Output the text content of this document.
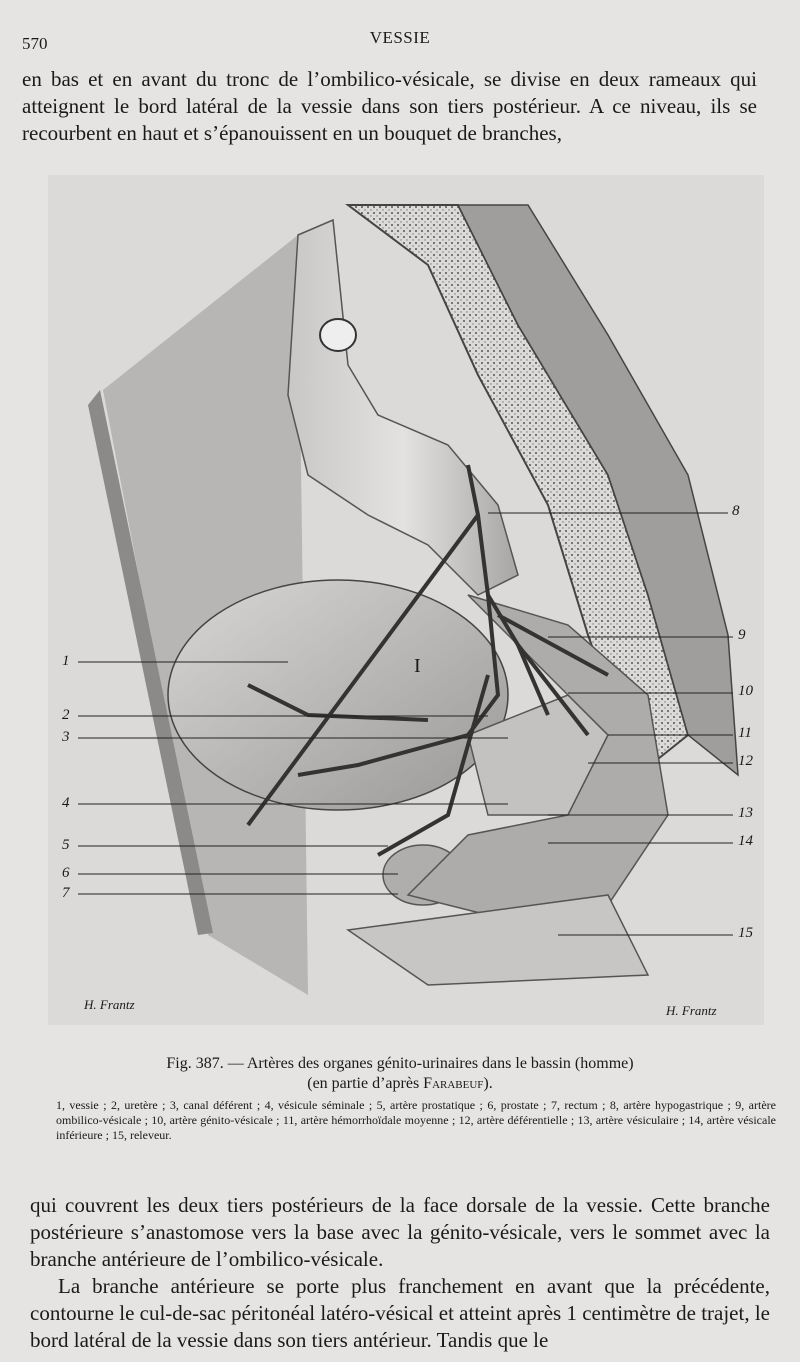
570	VESSIE
en bas et en avant du tronc de l’ombilico-vésicale, se divise en deux rameaux qui atteignent le bord latéral de la vessie dans son tiers postérieur. A ce niveau, ils se recourbent en haut et s’épanouissent en un bouquet de branches,
1
2
3
4
5
6
7
8
9
10
11
12
13
14
15
I
H. Frantz	H. Frantz
Fig. 387. — Artères des organes génito-urinaires dans le bassin (homme)
(en partie d’après Farabeuf).
1, vessie ; 2, uretère ; 3, canal déférent ; 4, vésicule séminale ; 5, artère prostatique ; 6, prostate ; 7, rectum ; 8, artère hypogastrique ; 9, artère ombilico-vésicale ; 10, artère génito-vésicale ; 11, artère hémorrhoïdale moyenne ; 12, artère déférentielle ; 13, artère vésiculaire ; 14, artère vésicale inférieure ; 15, releveur.

qui couvrent les deux tiers postérieurs de la face dorsale de la vessie. Cette branche postérieure s’anastomose vers la base avec la génito-vésicale, vers le sommet avec la branche antérieure de l’ombilico-vésicale.

La branche antérieure se porte plus franchement en avant que la précédente, contourne le cul-de-sac péritonéal latéro-vésical et atteint après 1 centimètre de trajet, le bord latéral de la vessie dans son tiers antérieur. Tandis que le
